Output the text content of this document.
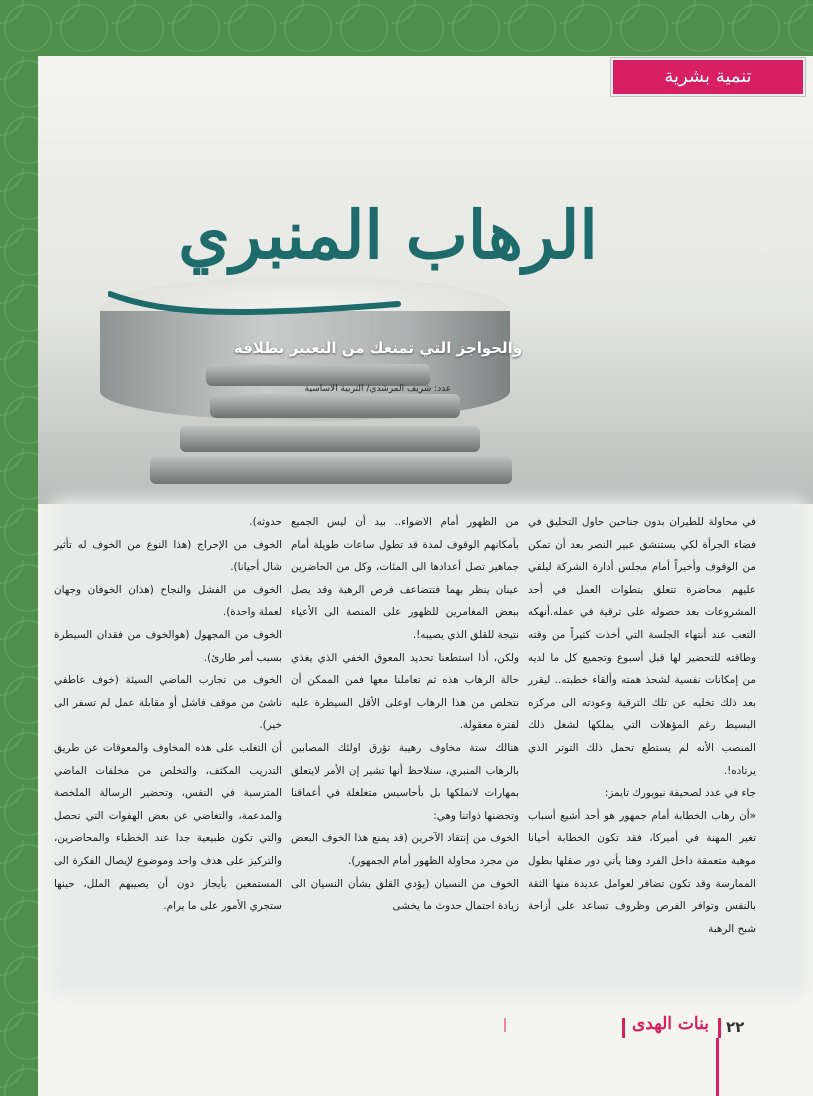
تنمية بشرية
الرهاب المنبري
والحواجز التي تمنعك من التعبير بطلاقة
عدد: شريف المرشدي/ التربية الاساسية

في محاولة للطيران بدون جناحين حاول التحليق في فضاء الجرأة لكي يستنشق عبير النصر بعد أن تمكن من الوقوف وأخيراً أمام مجلس أدارة الشركة ليلقي عليهم محاضرة تتعلق بتطوات العمل في أحد المشروعات بعد حصوله على ترقية في عمله.أنهكه التعب عند أنتهاء الجلسة التي أخذت كثيراً من وقته وطاقته للتحضير لها قبل أسبوع وتجميع كل ما لديه من إمكانات نفسية لشحذ همته وألقاء خطبته.. ليقرر بعد ذلك تخليه عن تلك الترقية وعودته الى مركزه البسيط رغم المؤهلات التي يملكها لشغل ذلك المنصب الأنه لم يستطع تحمل ذلك التوتر الذي يرتاده!.

جاء في عدد لصحيفة نيويورك تايمز:

«أن رهاب الخطابة أمام جمهور هو أحد أشيع أسباب تغير المهنة في أميركا، فقد تكون الخطابة أحيانا موهبة متعمقة داخل الفرد وهنا يأتي دور صقلها بطول الممارسة وقد تكون تضافر لعوامل عديدة منها الثقة بالنفس وتوافر الفرص وظروف تساعد على أزاحة شبح الرهبة

من الظهور أمام الاضواء.. بيد أن ليس الجميع بأمكانهم الوقوف لمدة قد تطول ساعات طويلة أمام جماهير تصل أعدادها الى المئات، وكل من الحاضرين عينان ينظر بهما فتتضاعف فرص الرهبة وقد يصل ببعض المغامرين للظهور على المنصة الى الأعياء نتيجة للقلق الذي يصيبه!.

ولكن، أذا استطعنا تحديد المعوق الخفي الذي يغذي حالة الرهاب هذه ثم تعاملنا معها فمن الممكن أن نتخلص من هذا الرهاب اوعلى الأقل السيطرة عليه لفترة معقولة.

هنالك ستة مخاوف رهيبة تؤرق اولئك المصابين بالرهاب المنبري، سنلاحظ أنها تشير إن الأمر لايتعلق بمهارات لانملكها بل بأحاسيس متغلغلة في أعماقنا وتحضنها ذواتنا وهي:

الخوف من إنتقاد الآخرين (قد يمنع هذا الخوف البعض من مجرد محاولة الظهور أمام الجمهور).

الخوف من النسيان (يؤدي القلق بشأن النسيان الى زيادة احتمال حدوث ما يخشى

حدوثه).

الخوف من الإحراج (هذا النوع من الخوف له تأثير شال أحيانا).

الخوف من الفشل والنجاح (هذان الخوفان وجهان لعملة واحدة).

الخوف من المجهول (هوالخوف من فقدان السيطرة بسبب أمر طارئ).

الخوف من تجارب الماضي السيئة (خوف عاطفي ناشئ من موقف فاشل أو مقابلة عمل لم تسفر الى خير).

أن التغلب على هذه المخاوف والمعوقات عن طريق التدريب المكثف، والتخلص من مخلفات الماضي المترسبة في النفس، وتحضير الرسالة الملخصة والمدعمة، والتغاضي عن بعض الهفوات التي تحصل والتي تكون طبيعية جدا عند الخطباء والمحاضرين، والتركيز على هدف واحد وموضوع لإيصال الفكرة الى المستمعين بأيجاز دون أن يصيبهم الملل، حينها ستجري الأمور على ما يرام.

٢٢
بنات الهدى
